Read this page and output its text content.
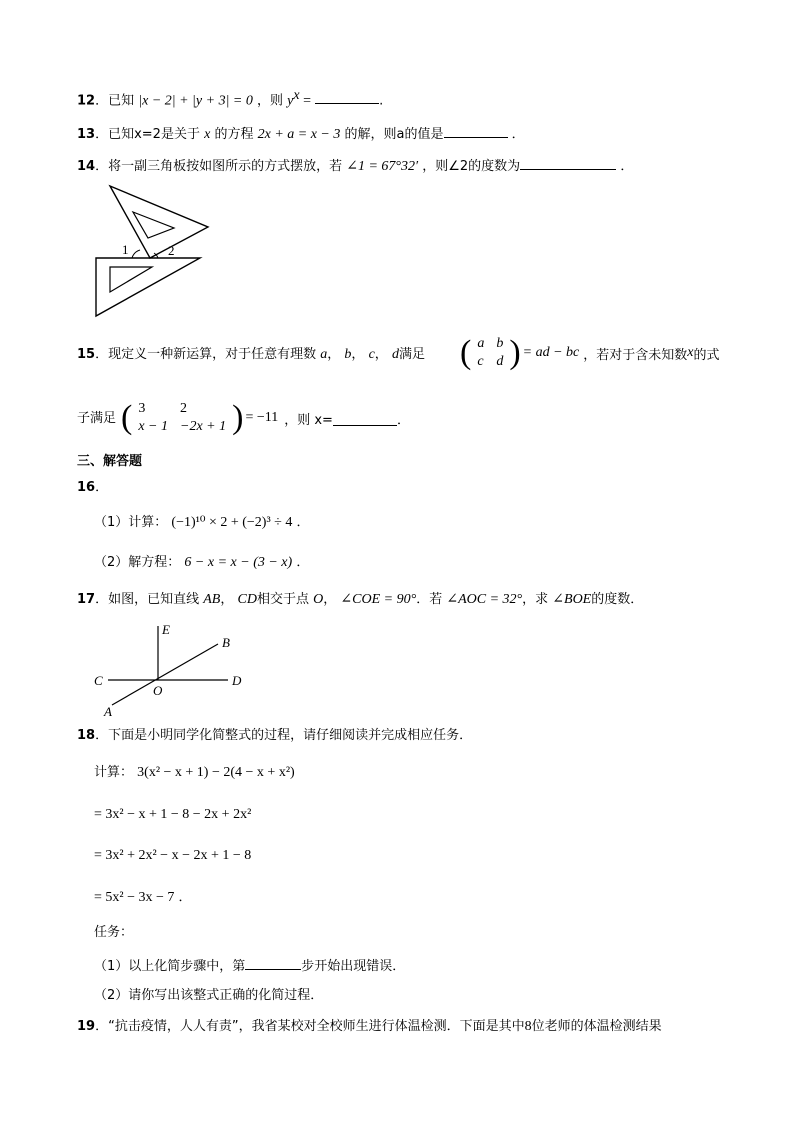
12．已知 |x − 2| + |y + 3| = 0 ，则 $y^x$ =	.
13．已知x=2是关于 x 的方程 2x + a = x − 3 的解，则a的值是	．
14．将一副三角板按如图所示的方式摆放，若 ∠1 = 67°32′ ，则∠2的度数为	．
1	2
15．现定义一种新运算，对于任意有理数 a， b， c， d满足 ( a	b
c	d ) = ad − bc ，若对于含未知数 x 的式
子满足 ( 3	2
x − 1	−2x + 1 ) = −11 ，则 x=	．
三、解答题
16．
（1）计算： (−1)¹⁰ × 2 + (−2)³ ÷ 4 ．
（2）解方程： 6 − x = x − (3 − x) ．
17．如图，已知直线 AB， CD相交于点 O， ∠COE = 90°．若 ∠AOC = 32°，求 ∠BOE的度数．
E
B
C
O
D
A
18．下面是小明同学化简整式的过程，请仔细阅读并完成相应任务．
计算： 3(x² − x + 1) − 2(4 − x + x²)
= 3x² − x + 1 − 8 − 2x + 2x²
= 3x² + 2x² − x − 2x + 1 − 8
= 5x² − 3x − 7 ．
任务：
（1）以上化简步骤中，第	步开始出现错误．
（2）请你写出该整式正确的化简过程．
19．“抗击疫情，人人有责”，我省某校对全校师生进行体温检测．下面是其中8位老师的体温检测结果
